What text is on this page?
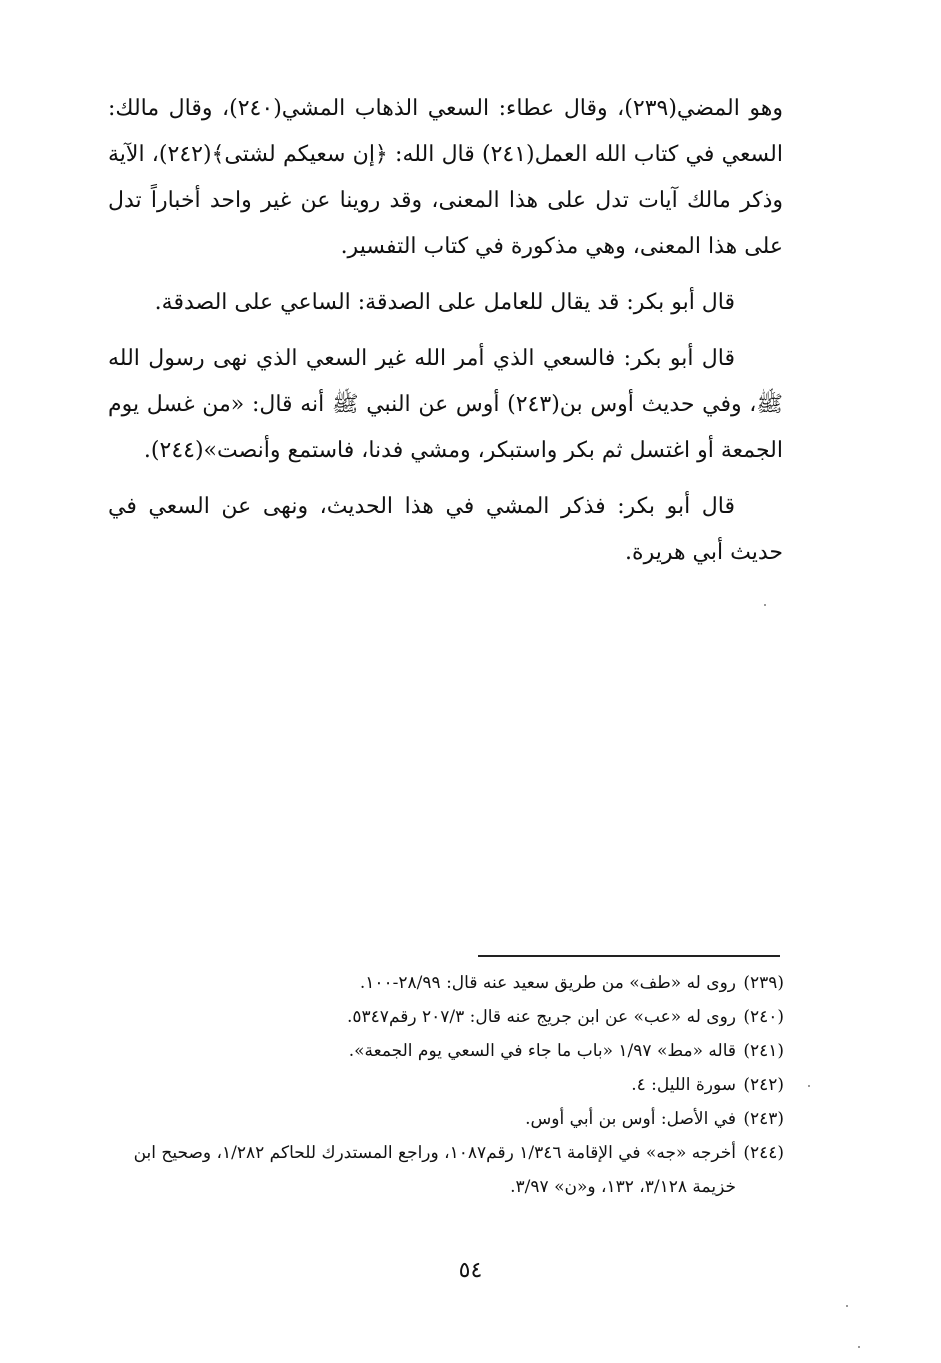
وهو المضي(٢٣٩)، وقال عطاء: السعي الذهاب المشي(٢٤٠)، وقال مالك: السعي في كتاب الله العمل(٢٤١) قال الله: ﴿إن سعيكم لشتى﴾(٢٤٢)، الآية وذكر مالك آيات تدل على هذا المعنى، وقد روينا عن غير واحد أخباراً تدل على هذا المعنى، وهي مذكورة في كتاب التفسير.

قال أبو بكر: قد يقال للعامل على الصدقة: الساعي على الصدقة.

قال أبو بكر: فالسعي الذي أمر الله غير السعي الذي نهى رسول الله ﷺ، وفي حديث أوس بن(٢٤٣) أوس عن النبي ﷺ أنه قال: «من غسل يوم الجمعة أو اغتسل ثم بكر واستبكر، ومشي فدنا، فاستمع وأنصت»(٢٤٤).

قال أبو بكر: فذكر المشي في هذا الحديث، ونهى عن السعي في حديث أبي هريرة.

(٢٣٩)روى له «طف» من طريق سعيد عنه قال: ٢٨/٩٩-١٠٠.

(٢٤٠)روى له «عب» عن ابن جريج عنه قال: ٢٠٧/٣ رقم٥٣٤٧.

(٢٤١)قاله «مط» ١/٩٧ «باب ما جاء في السعي يوم الجمعة».

(٢٤٢)سورة الليل: ٤.

(٢٤٣)في الأصل: أوس بن أبي أوس.

(٢٤٤)أخرجه «جه» في الإقامة ١/٣٤٦ رقم١٠٨٧، وراجع المستدرك للحاكم ١/٢٨٢، وصحيح ابن خزيمة ٣/١٢٨، ١٣٢، و«ن» ٣/٩٧.

٥٤
